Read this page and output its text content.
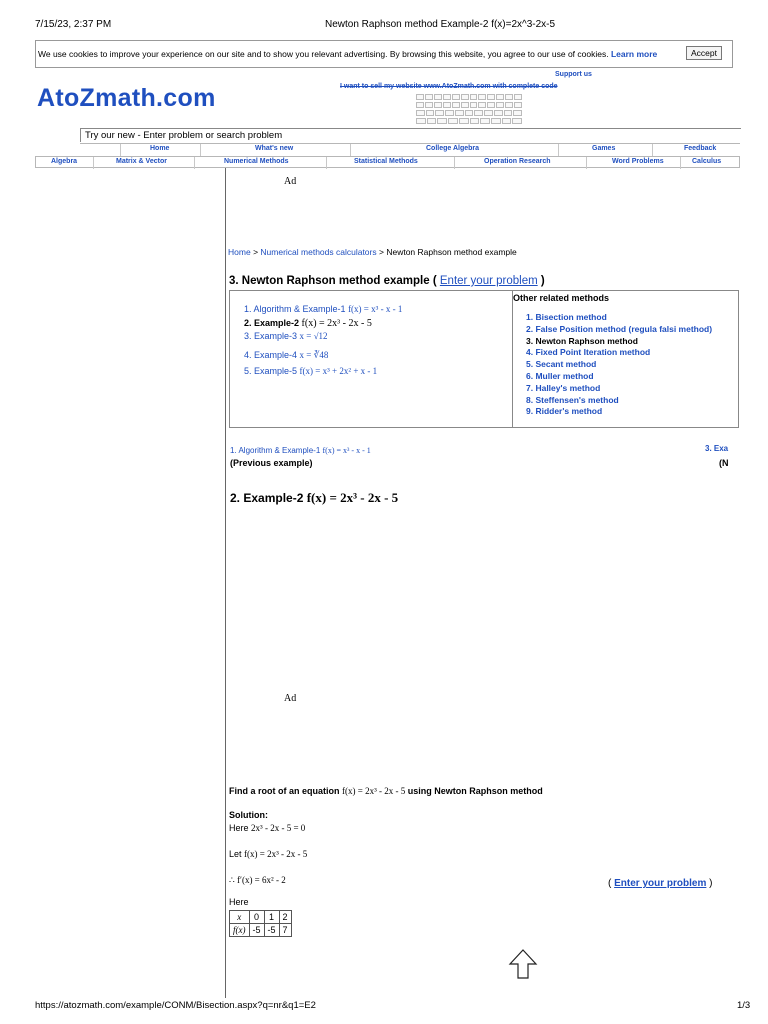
7/15/23, 2:37 PM	Newton Raphson method Example-2 f(x)=2x^3-2x-5
We use cookies to improve your experience on our site and to show you relevant advertising. By browsing this website, you agree to our use of cookies. Learn more	Accept
AtoZmath.com
Support us
I want to sell my website www.AtoZmath.com with complete code
Try our new - Enter problem or search problem
Home	What's new	College Algebra	Games	Feedback
Algebra	Matrix & Vector	Numerical Methods	Statistical Methods	Operation Research	Word Problems	Calculus
Ad
Home > Numerical methods calculators > Newton Raphson method example
3. Newton Raphson method example ( Enter your problem )
1. Algorithm & Example-1 f(x) = x³ - x - 1
2. Example-2 f(x) = 2x³ - 2x - 5
3. Example-3 x = √12
4. Example-4 x = ∛48
5. Example-5 f(x) = x³ + 2x² + x - 1
Other related methods
1. Bisection method
2. False Position method (regula falsi method)
3. Newton Raphson method
4. Fixed Point Iteration method
5. Secant method
6. Muller method
7. Halley's method
8. Steffensen's method
9. Ridder's method
1. Algorithm & Example-1 f(x) = x³ - x - 1
(Previous example)
3. Exa
(N
2. Example-2 f(x) = 2x³ - 2x - 5
Ad
Find a root of an equation f(x) = 2x³ - 2x - 5 using Newton Raphson method
Solution:
Here 2x³ - 2x - 5 = 0
Let f(x) = 2x³ - 2x - 5
∴ f′(x) = 6x² - 2	( Enter your problem )
Here
x	0	1	2
f(x)	-5	-5	7
https://atozmath.com/example/CONM/Bisection.aspx?q=nr&q1=E2	1/3
